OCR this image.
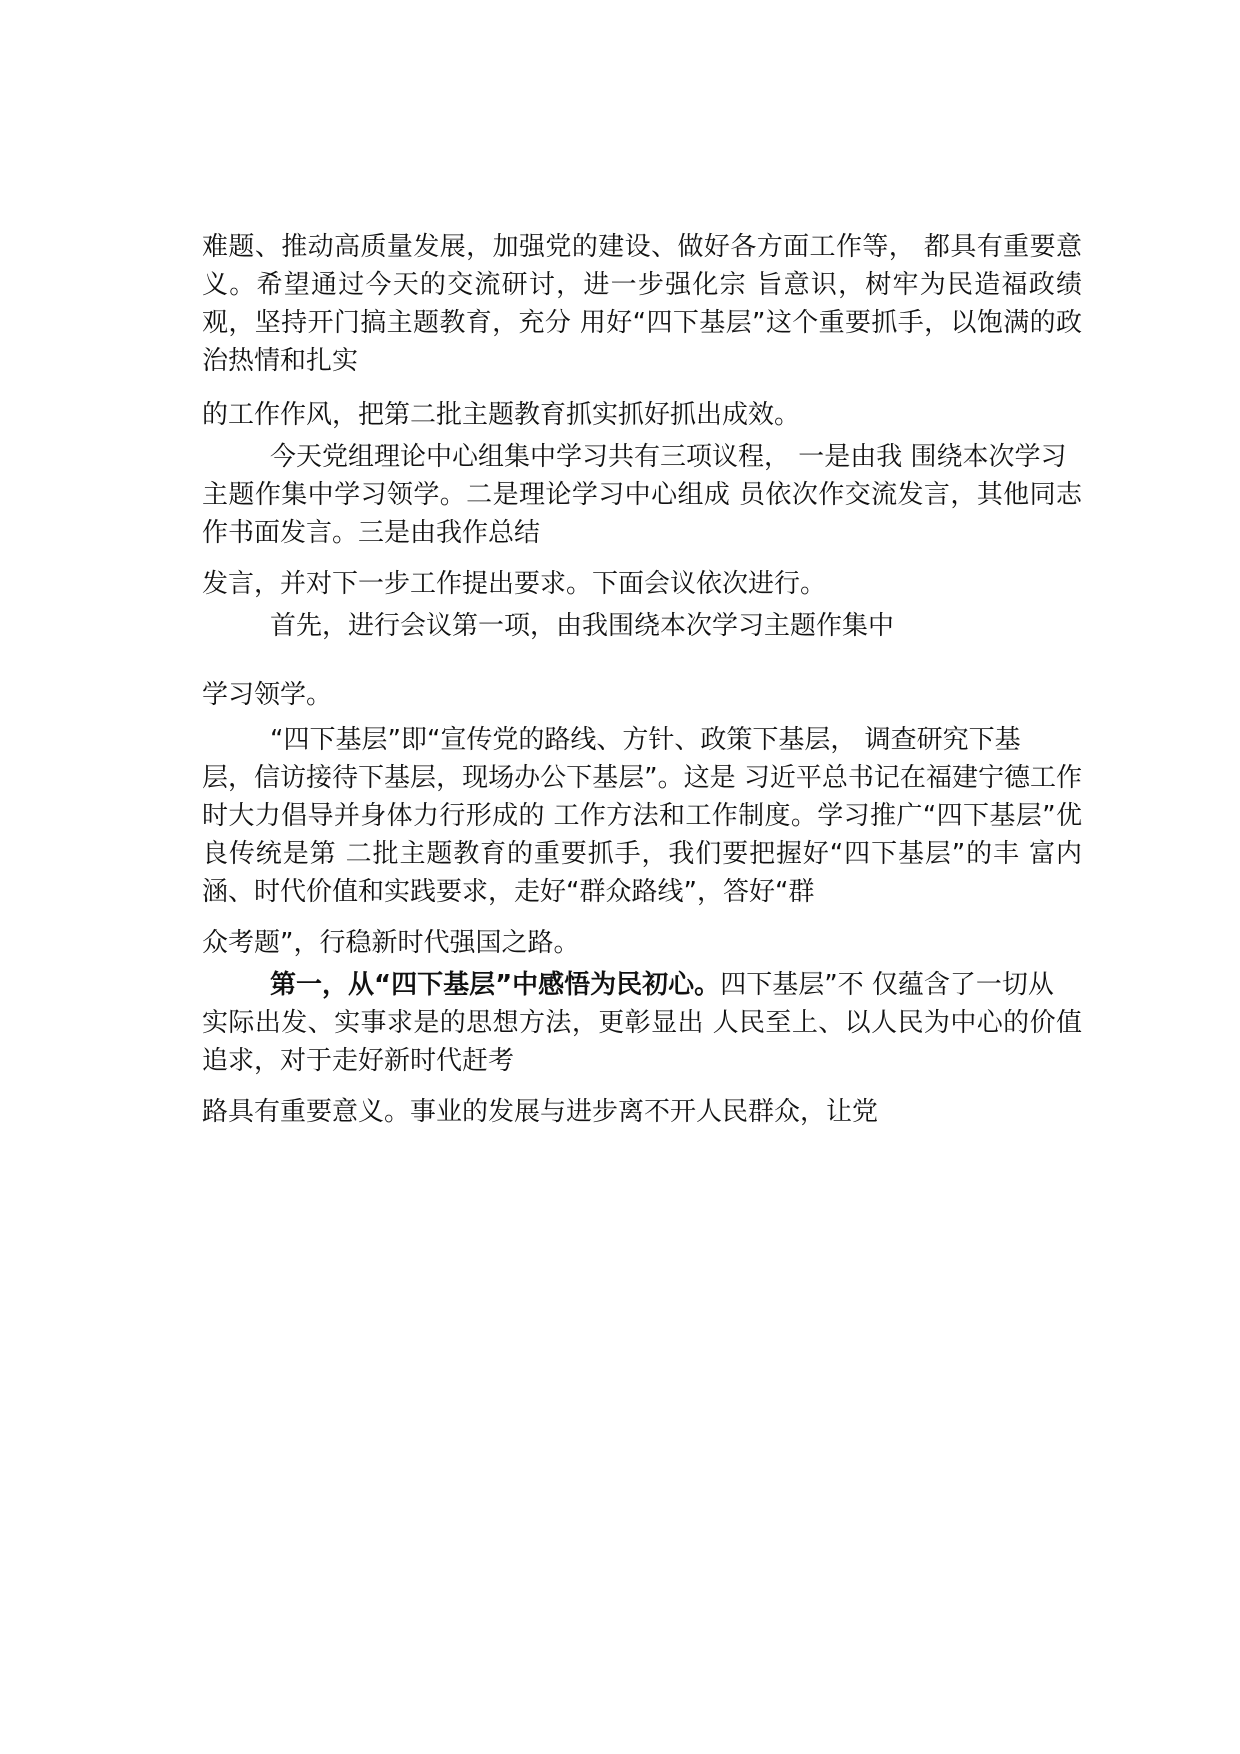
难题、推动高质量发展，加强党的建设、做好各方面工作等， 都具有重要意
义。希望通过今天的交流研讨，进一步强化宗 旨意识，树牢为民造福政绩
观，坚持开门搞主题教育，充分 用好“四下基层”这个重要抓手，以饱满的政
治热情和扎实
的工作作风，把第二批主题教育抓实抓好抓出成效。
今天党组理论中心组集中学习共有三项议程， 一是由我 围绕本次学习
主题作集中学习领学。二是理论学习中心组成 员依次作交流发言，其他同志
作书面发言。三是由我作总结
发言，并对下一步工作提出要求。下面会议依次进行。
首先，进行会议第一项，由我围绕本次学习主题作集中
学习领学。
“四下基层”即“宣传党的路线、方针、政策下基层， 调查研究下基
层，信访接待下基层，现场办公下基层”。这是 习近平总书记在福建宁德工作
时大力倡导并身体力行形成的 工作方法和工作制度。学习推广“四下基层”优
良传统是第 二批主题教育的重要抓手，我们要把握好“四下基层”的丰 富内
涵、时代价值和实践要求，走好“群众路线”，答好“群
众考题”，行稳新时代强国之路。
第一，从“四下基层”中感悟为民初心。四下基层”不 仅蕴含了一切从
实际出发、实事求是的思想方法，更彰显出 人民至上、以人民为中心的价值
追求，对于走好新时代赶考
路具有重要意义。事业的发展与进步离不开人民群众，让党
